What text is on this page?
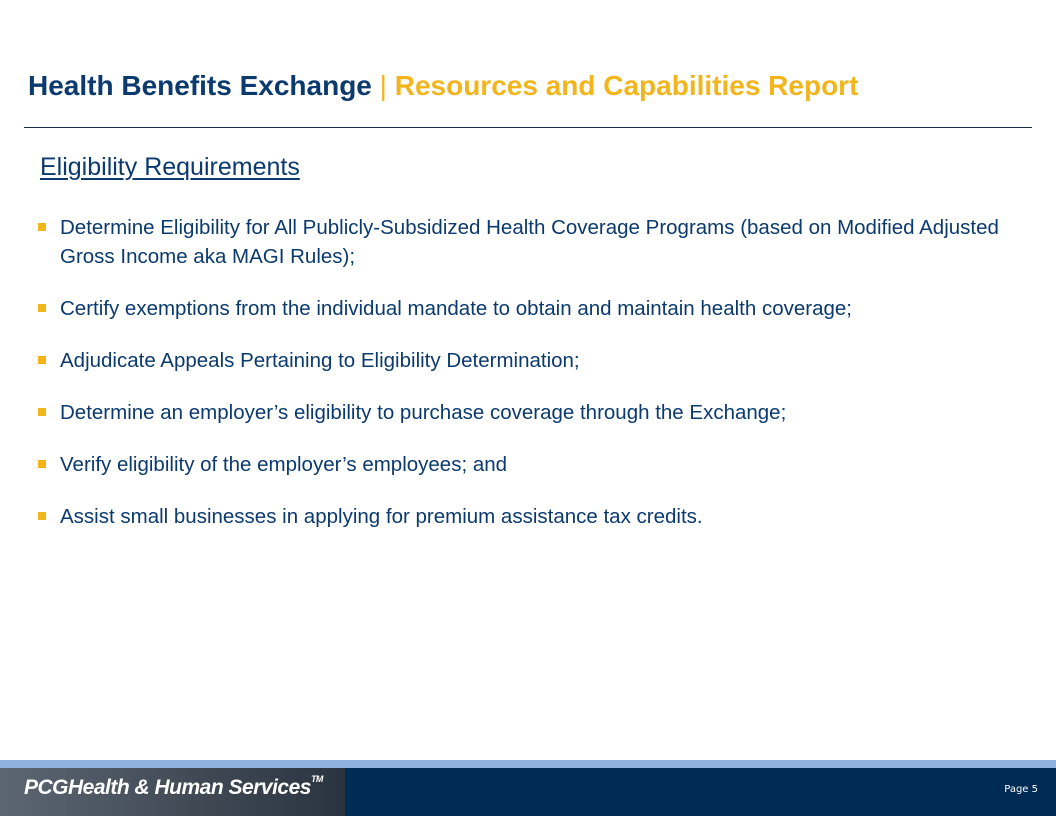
Health Benefits Exchange | Resources and Capabilities Report
Eligibility Requirements
Determine Eligibility for All Publicly-Subsidized Health Coverage Programs (based on Modified Adjusted Gross Income aka MAGI Rules);
Certify exemptions from the individual mandate to obtain and maintain health coverage;
Adjudicate Appeals Pertaining to Eligibility Determination;
Determine an employer’s eligibility to purchase coverage through the Exchange;
Verify eligibility of the employer’s employees; and
Assist small businesses in applying for premium assistance tax credits.
PCGHealth & Human Services™
Page 5
